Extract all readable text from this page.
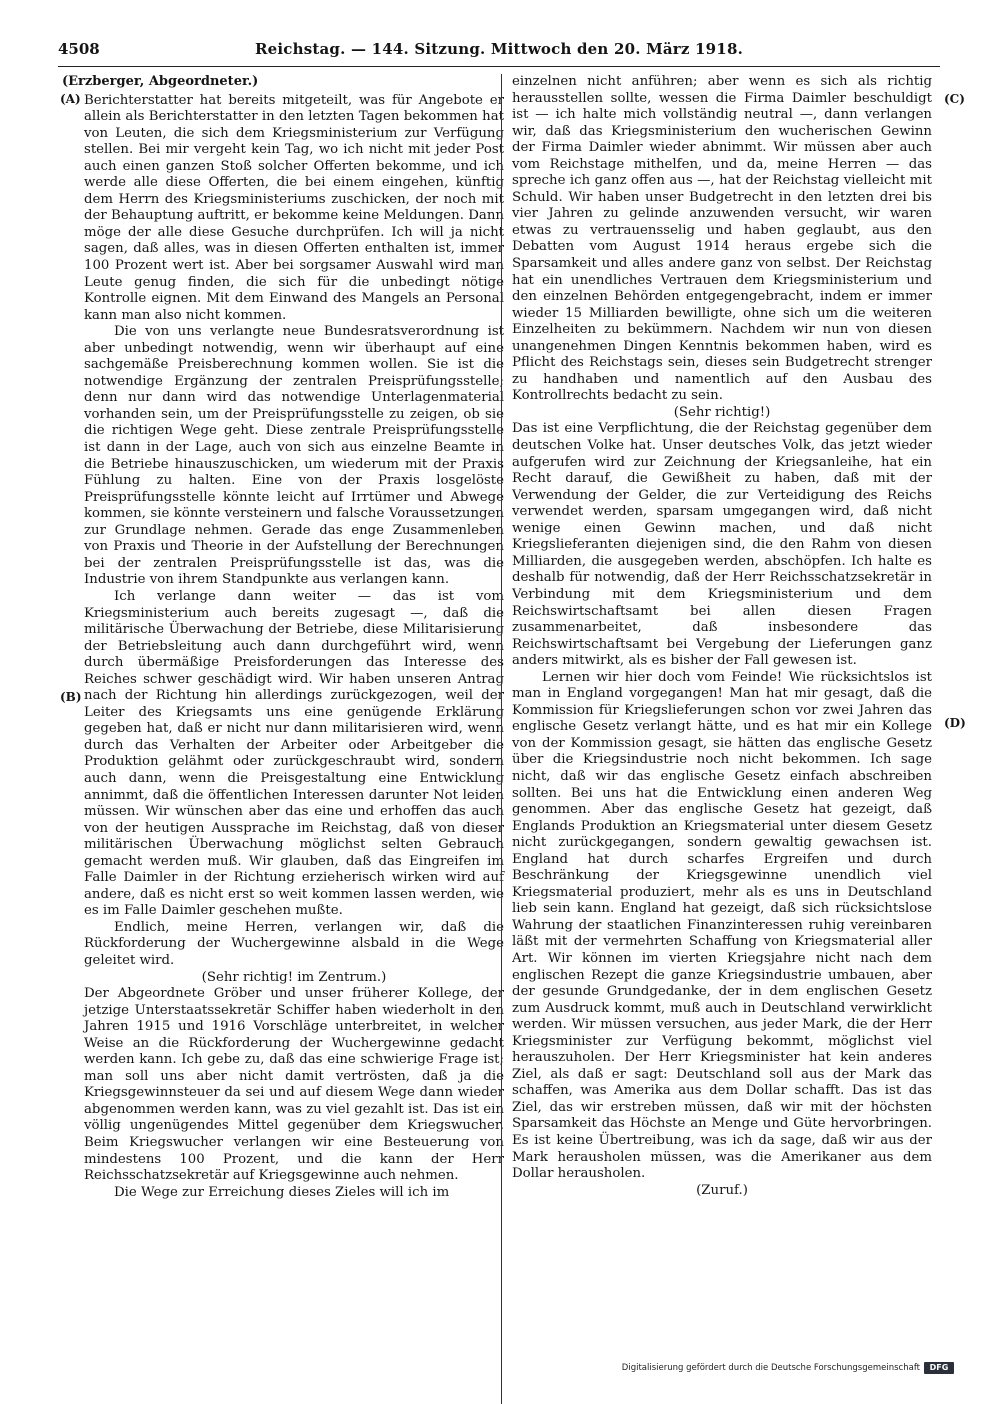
4508	Reichstag. — 144. Sitzung. Mittwoch den 20. März 1918.
(A)
(B)
(C)
(D)
(Erzberger, Abgeordneter.)

Berichterstatter hat bereits mitgeteilt, was für Angebote er allein als Berichterstatter in den letzten Tagen bekommen hat von Leuten, die sich dem Kriegsministerium zur Verfügung stellen. Bei mir vergeht kein Tag, wo ich nicht mit jeder Post auch einen ganzen Stoß solcher Offerten bekomme, und ich werde alle diese Offerten, die bei einem eingehen, künftig dem Herrn des Kriegsministeriums zuschicken, der noch mit der Behauptung auftritt, er bekomme keine Meldungen. Dann möge der alle diese Gesuche durchprüfen. Ich will ja nicht sagen, daß alles, was in diesen Offerten enthalten ist, immer 100 Prozent wert ist. Aber bei sorgsamer Auswahl wird man Leute genug finden, die sich für die unbedingt nötige Kontrolle eignen. Mit dem Einwand des Mangels an Personal kann man also nicht kommen.

Die von uns verlangte neue Bundesratsverordnung ist aber unbedingt notwendig, wenn wir überhaupt auf eine sachgemäße Preisberechnung kommen wollen. Sie ist die notwendige Ergänzung der zentralen Preisprüfungsstelle; denn nur dann wird das notwendige Unterlagenmaterial vorhanden sein, um der Preisprüfungsstelle zu zeigen, ob sie die richtigen Wege geht. Diese zentrale Preisprüfungsstelle ist dann in der Lage, auch von sich aus einzelne Beamte in die Betriebe hinauszuschicken, um wiederum mit der Praxis Fühlung zu halten. Eine von der Praxis losgelöste Preisprüfungsstelle könnte leicht auf Irrtümer und Abwege kommen, sie könnte versteinern und falsche Voraussetzungen zur Grundlage nehmen. Gerade das enge Zusammenleben von Praxis und Theorie in der Aufstellung der Berechnungen bei der zentralen Preisprüfungsstelle ist das, was die Industrie von ihrem Standpunkte aus verlangen kann.

Ich verlange dann weiter — das ist vom Kriegsministerium auch bereits zugesagt —, daß die militärische Überwachung der Betriebe, diese Militarisierung der Betriebsleitung auch dann durchgeführt wird, wenn durch übermäßige Preisforderungen das Interesse des Reiches schwer geschädigt wird. Wir haben unseren Antrag nach der Richtung hin allerdings zurückgezogen, weil der Leiter des Kriegsamts uns eine genügende Erklärung gegeben hat, daß er nicht nur dann militarisieren wird, wenn durch das Verhalten der Arbeiter oder Arbeitgeber die Produktion gelähmt oder zurückgeschraubt wird, sondern auch dann, wenn die Preisgestaltung eine Entwicklung annimmt, daß die öffentlichen Interessen darunter Not leiden müssen. Wir wünschen aber das eine und erhoffen das auch von der heutigen Aussprache im Reichstag, daß von dieser militärischen Überwachung möglichst selten Gebrauch gemacht werden muß. Wir glauben, daß das Eingreifen im Falle Daimler in der Richtung erzieherisch wirken wird auf andere, daß es nicht erst so weit kommen lassen werden, wie es im Falle Daimler geschehen mußte.

Endlich, meine Herren, verlangen wir, daß die Rückforderung der Wuchergewinne alsbald in die Wege geleitet wird.

(Sehr richtig! im Zentrum.)

Der Abgeordnete Gröber und unser früherer Kollege, der jetzige Unterstaatssekretär Schiffer haben wiederholt in den Jahren 1915 und 1916 Vorschläge unterbreitet, in welcher Weise an die Rückforderung der Wuchergewinne gedacht werden kann. Ich gebe zu, daß das eine schwierige Frage ist; man soll uns aber nicht damit vertrösten, daß ja die Kriegsgewinnsteuer da sei und auf diesem Wege dann wieder abgenommen werden kann, was zu viel gezahlt ist. Das ist ein völlig ungenügendes Mittel gegenüber dem Kriegswucher. Beim Kriegswucher verlangen wir eine Besteuerung von mindestens 100 Prozent, und die kann der Herr Reichsschatzsekretär auf Kriegsgewinne auch nehmen.

Die Wege zur Erreichung dieses Zieles will ich im

einzelnen nicht anführen; aber wenn es sich als richtig herausstellen sollte, wessen die Firma Daimler beschuldigt ist — ich halte mich vollständig neutral —, dann verlangen wir, daß das Kriegsministerium den wucherischen Gewinn der Firma Daimler wieder abnimmt. Wir müssen aber auch vom Reichstage mithelfen, und da, meine Herren — das spreche ich ganz offen aus —, hat der Reichstag vielleicht mit Schuld. Wir haben unser Budgetrecht in den letzten drei bis vier Jahren zu gelinde anzuwenden versucht, wir waren etwas zu vertrauensselig und haben geglaubt, aus den Debatten vom August 1914 heraus ergebe sich die Sparsamkeit und alles andere ganz von selbst. Der Reichstag hat ein unendliches Vertrauen dem Kriegsministerium und den einzelnen Behörden entgegengebracht, indem er immer wieder 15 Milliarden bewilligte, ohne sich um die weiteren Einzelheiten zu bekümmern. Nachdem wir nun von diesen unangenehmen Dingen Kenntnis bekommen haben, wird es Pflicht des Reichstags sein, dieses sein Budgetrecht strenger zu handhaben und namentlich auf den Ausbau des Kontrollrechts bedacht zu sein.

(Sehr richtig!)

Das ist eine Verpflichtung, die der Reichstag gegenüber dem deutschen Volke hat. Unser deutsches Volk, das jetzt wieder aufgerufen wird zur Zeichnung der Kriegsanleihe, hat ein Recht darauf, die Gewißheit zu haben, daß mit der Verwendung der Gelder, die zur Verteidigung des Reichs verwendet werden, sparsam umgegangen wird, daß nicht wenige einen Gewinn machen, und daß nicht Kriegslieferanten diejenigen sind, die den Rahm von diesen Milliarden, die ausgegeben werden, abschöpfen. Ich halte es deshalb für notwendig, daß der Herr Reichsschatzsekretär in Verbindung mit dem Kriegsministerium und dem Reichswirtschaftsamt bei allen diesen Fragen zusammenarbeitet, daß insbesondere das Reichswirtschaftsamt bei Vergebung der Lieferungen ganz anders mitwirkt, als es bisher der Fall gewesen ist.

Lernen wir hier doch vom Feinde! Wie rücksichtslos ist man in England vorgegangen! Man hat mir gesagt, daß die Kommission für Kriegslieferungen schon vor zwei Jahren das englische Gesetz verlangt hätte, und es hat mir ein Kollege von der Kommission gesagt, sie hätten das englische Gesetz über die Kriegsindustrie noch nicht bekommen. Ich sage nicht, daß wir das englische Gesetz einfach abschreiben sollten. Bei uns hat die Entwicklung einen anderen Weg genommen. Aber das englische Gesetz hat gezeigt, daß Englands Produktion an Kriegsmaterial unter diesem Gesetz nicht zurückgegangen, sondern gewaltig gewachsen ist. England hat durch scharfes Ergreifen und durch Beschränkung der Kriegsgewinne unendlich viel Kriegsmaterial produziert, mehr als es uns in Deutschland lieb sein kann. England hat gezeigt, daß sich rücksichtslose Wahrung der staatlichen Finanzinteressen ruhig vereinbaren läßt mit der vermehrten Schaffung von Kriegsmaterial aller Art. Wir können im vierten Kriegsjahre nicht nach dem englischen Rezept die ganze Kriegsindustrie umbauen, aber der gesunde Grundgedanke, der in dem englischen Gesetz zum Ausdruck kommt, muß auch in Deutschland verwirklicht werden. Wir müssen versuchen, aus jeder Mark, die der Herr Kriegsminister zur Verfügung bekommt, möglichst viel herauszuholen. Der Herr Kriegsminister hat kein anderes Ziel, als daß er sagt: Deutschland soll aus der Mark das schaffen, was Amerika aus dem Dollar schafft. Das ist das Ziel, das wir erstreben müssen, daß wir mit der höchsten Sparsamkeit das Höchste an Menge und Güte hervorbringen. Es ist keine Übertreibung, was ich da sage, daß wir aus der Mark herausholen müssen, was die Amerikaner aus dem Dollar herausholen.

(Zuruf.)

Digitalisierung gefördert durch die Deutsche Forschungsgemeinschaft	DFG
